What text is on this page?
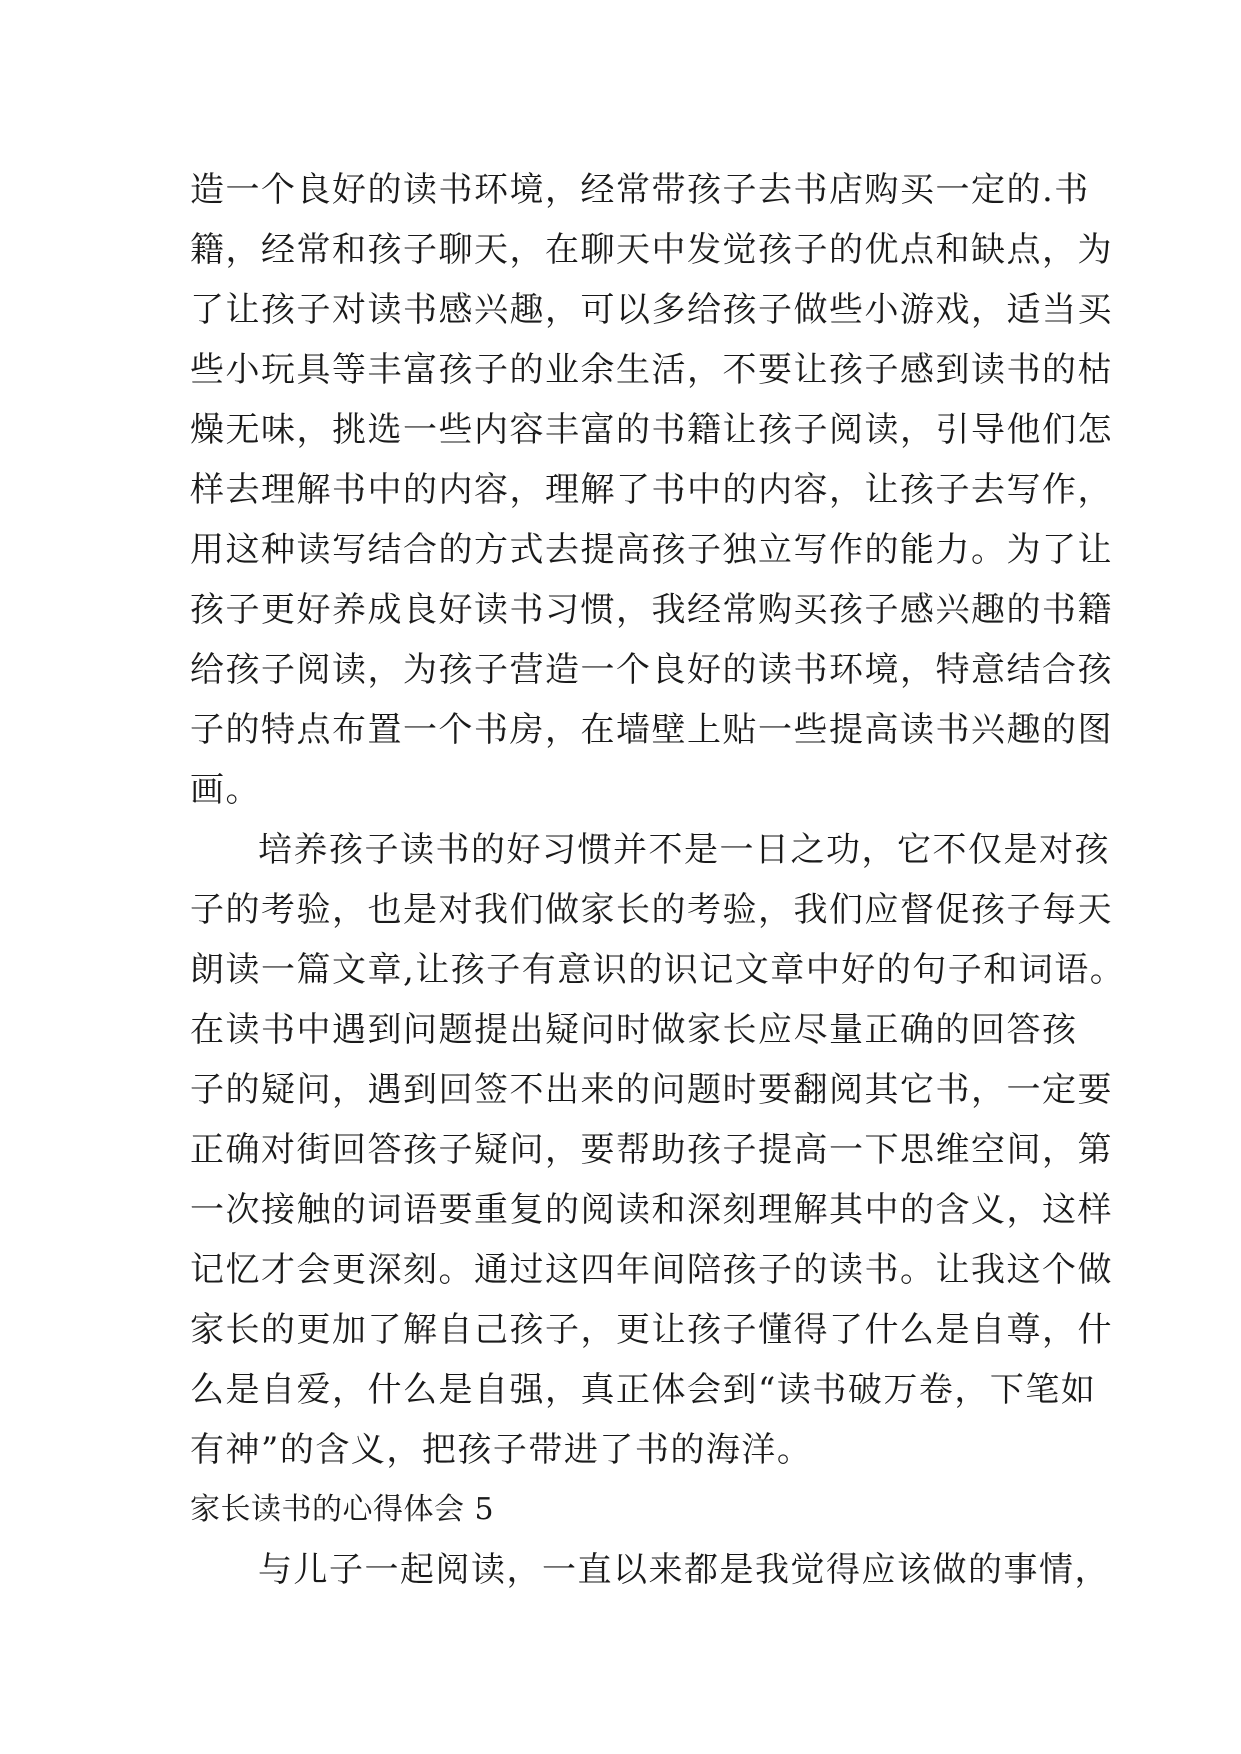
造一个良好的读书环境，经常带孩子去书店购买一定的.书
籍，经常和孩子聊天，在聊天中发觉孩子的优点和缺点，为
了让孩子对读书感兴趣，可以多给孩子做些小游戏，适当买
些小玩具等丰富孩子的业余生活，不要让孩子感到读书的枯
燥无味，挑选一些内容丰富的书籍让孩子阅读，引导他们怎
样去理解书中的内容，理解了书中的内容，让孩子去写作，
用这种读写结合的方式去提高孩子独立写作的能力。为了让
孩子更好养成良好读书习惯，我经常购买孩子感兴趣的书籍
给孩子阅读，为孩子营造一个良好的读书环境，特意结合孩
子的特点布置一个书房，在墙壁上贴一些提高读书兴趣的图
画。
培养孩子读书的好习惯并不是一日之功，它不仅是对孩
子的考验，也是对我们做家长的考验，我们应督促孩子每天
朗读一篇文章,让孩子有意识的识记文章中好的句子和词语。
在读书中遇到问题提出疑问时做家长应尽量正确的回答孩
子的疑问，遇到回签不出来的问题时要翻阅其它书，一定要
正确对街回答孩子疑问，要帮助孩子提高一下思维空间，第
一次接触的词语要重复的阅读和深刻理解其中的含义，这样
记忆才会更深刻。通过这四年间陪孩子的读书。让我这个做
家长的更加了解自己孩子，更让孩子懂得了什么是自尊，什
么是自爱，什么是自强，真正体会到“读书破万卷，下笔如
有神”的含义，把孩子带进了书的海洋。
家长读书的心得体会 5
与儿子一起阅读，一直以来都是我觉得应该做的事情，
